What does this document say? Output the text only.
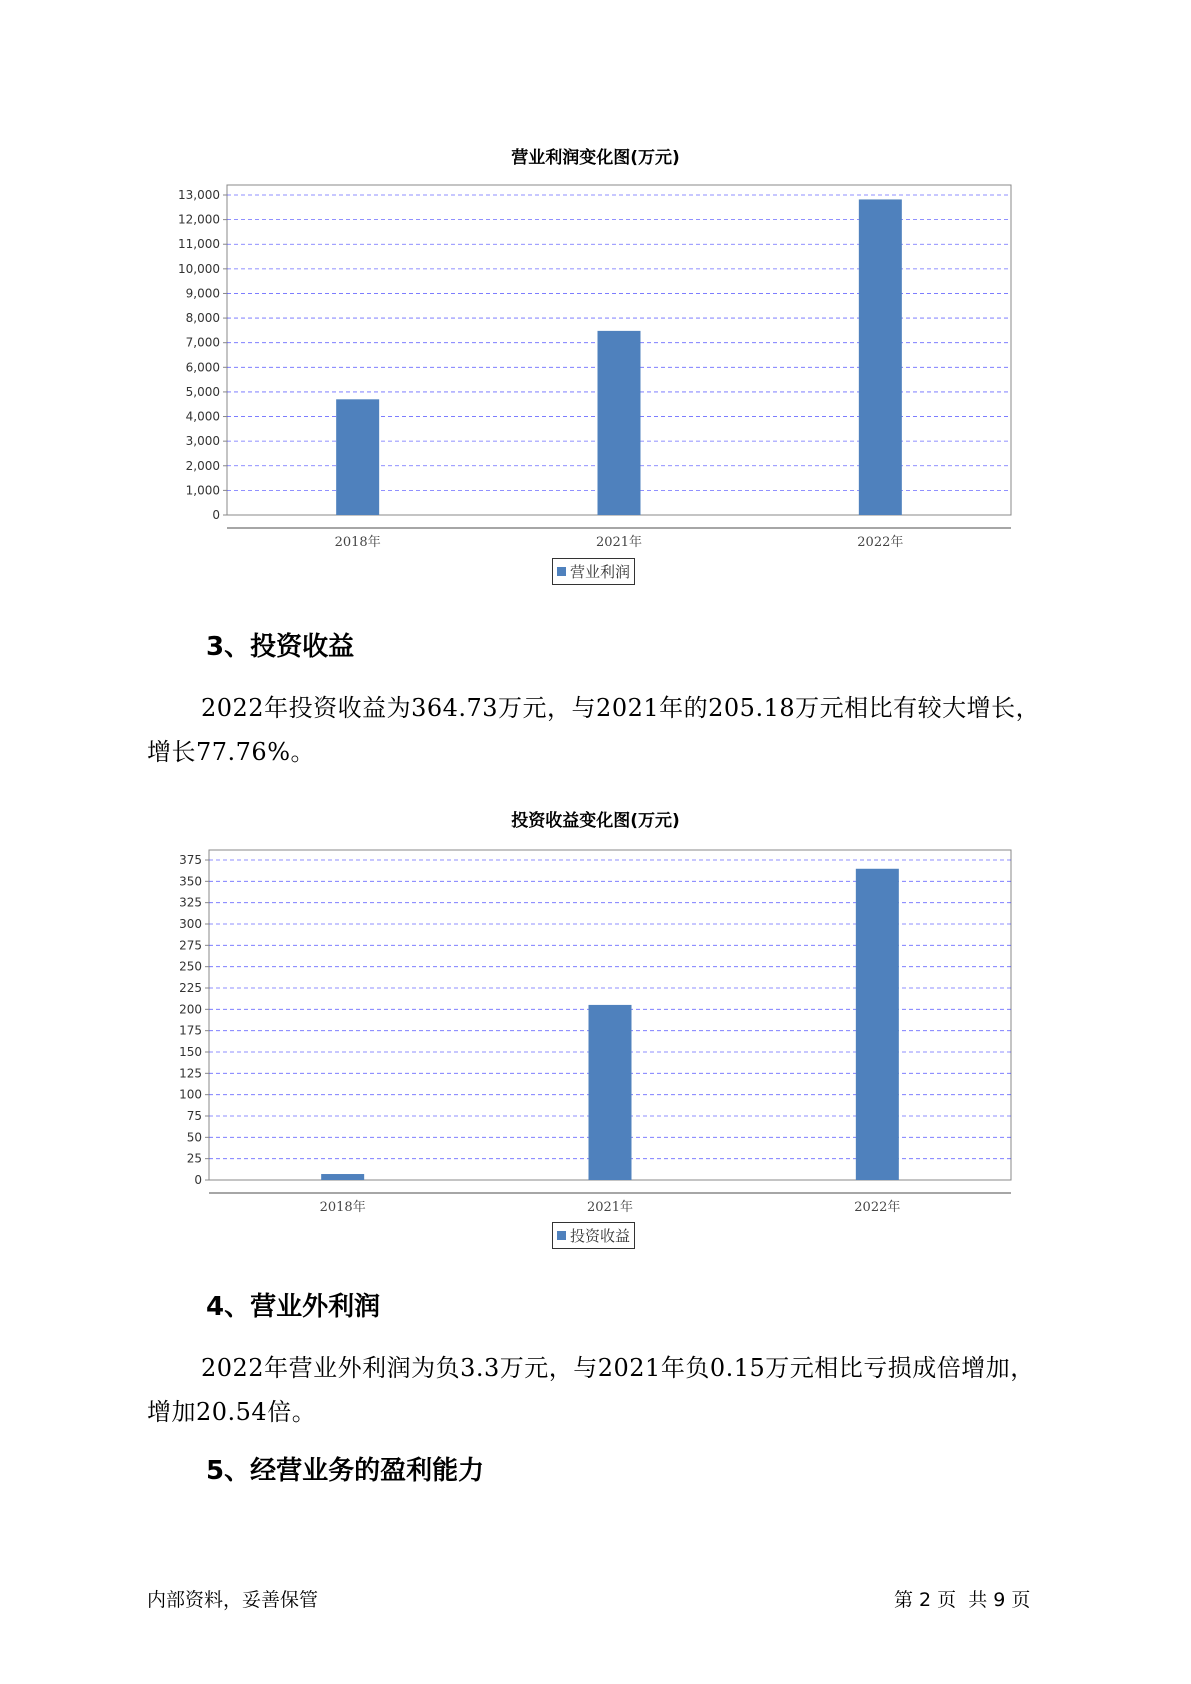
营业利润变化图(万元)
0
1,000
2,000
3,000
4,000
5,000
6,000
7,000
8,000
9,000
10,000
11,000
12,000
13,000
2018年	2021年	2022年
营业利润
3、投资收益
2022年投资收益为364.73万元，与2021年的205.18万元相比有较大增长，增长77.76%。
投资收益变化图(万元)
0
25
50
75
100
125
150
175
200
225
250
275
300
325
350
375
2018年	2021年	2022年
投资收益
4、营业外利润
2022年营业外利润为负3.3万元，与2021年负0.15万元相比亏损成倍增加，增加20.54倍。
5、经营业务的盈利能力
内部资料，妥善保管	第 2 页  共 9 页
